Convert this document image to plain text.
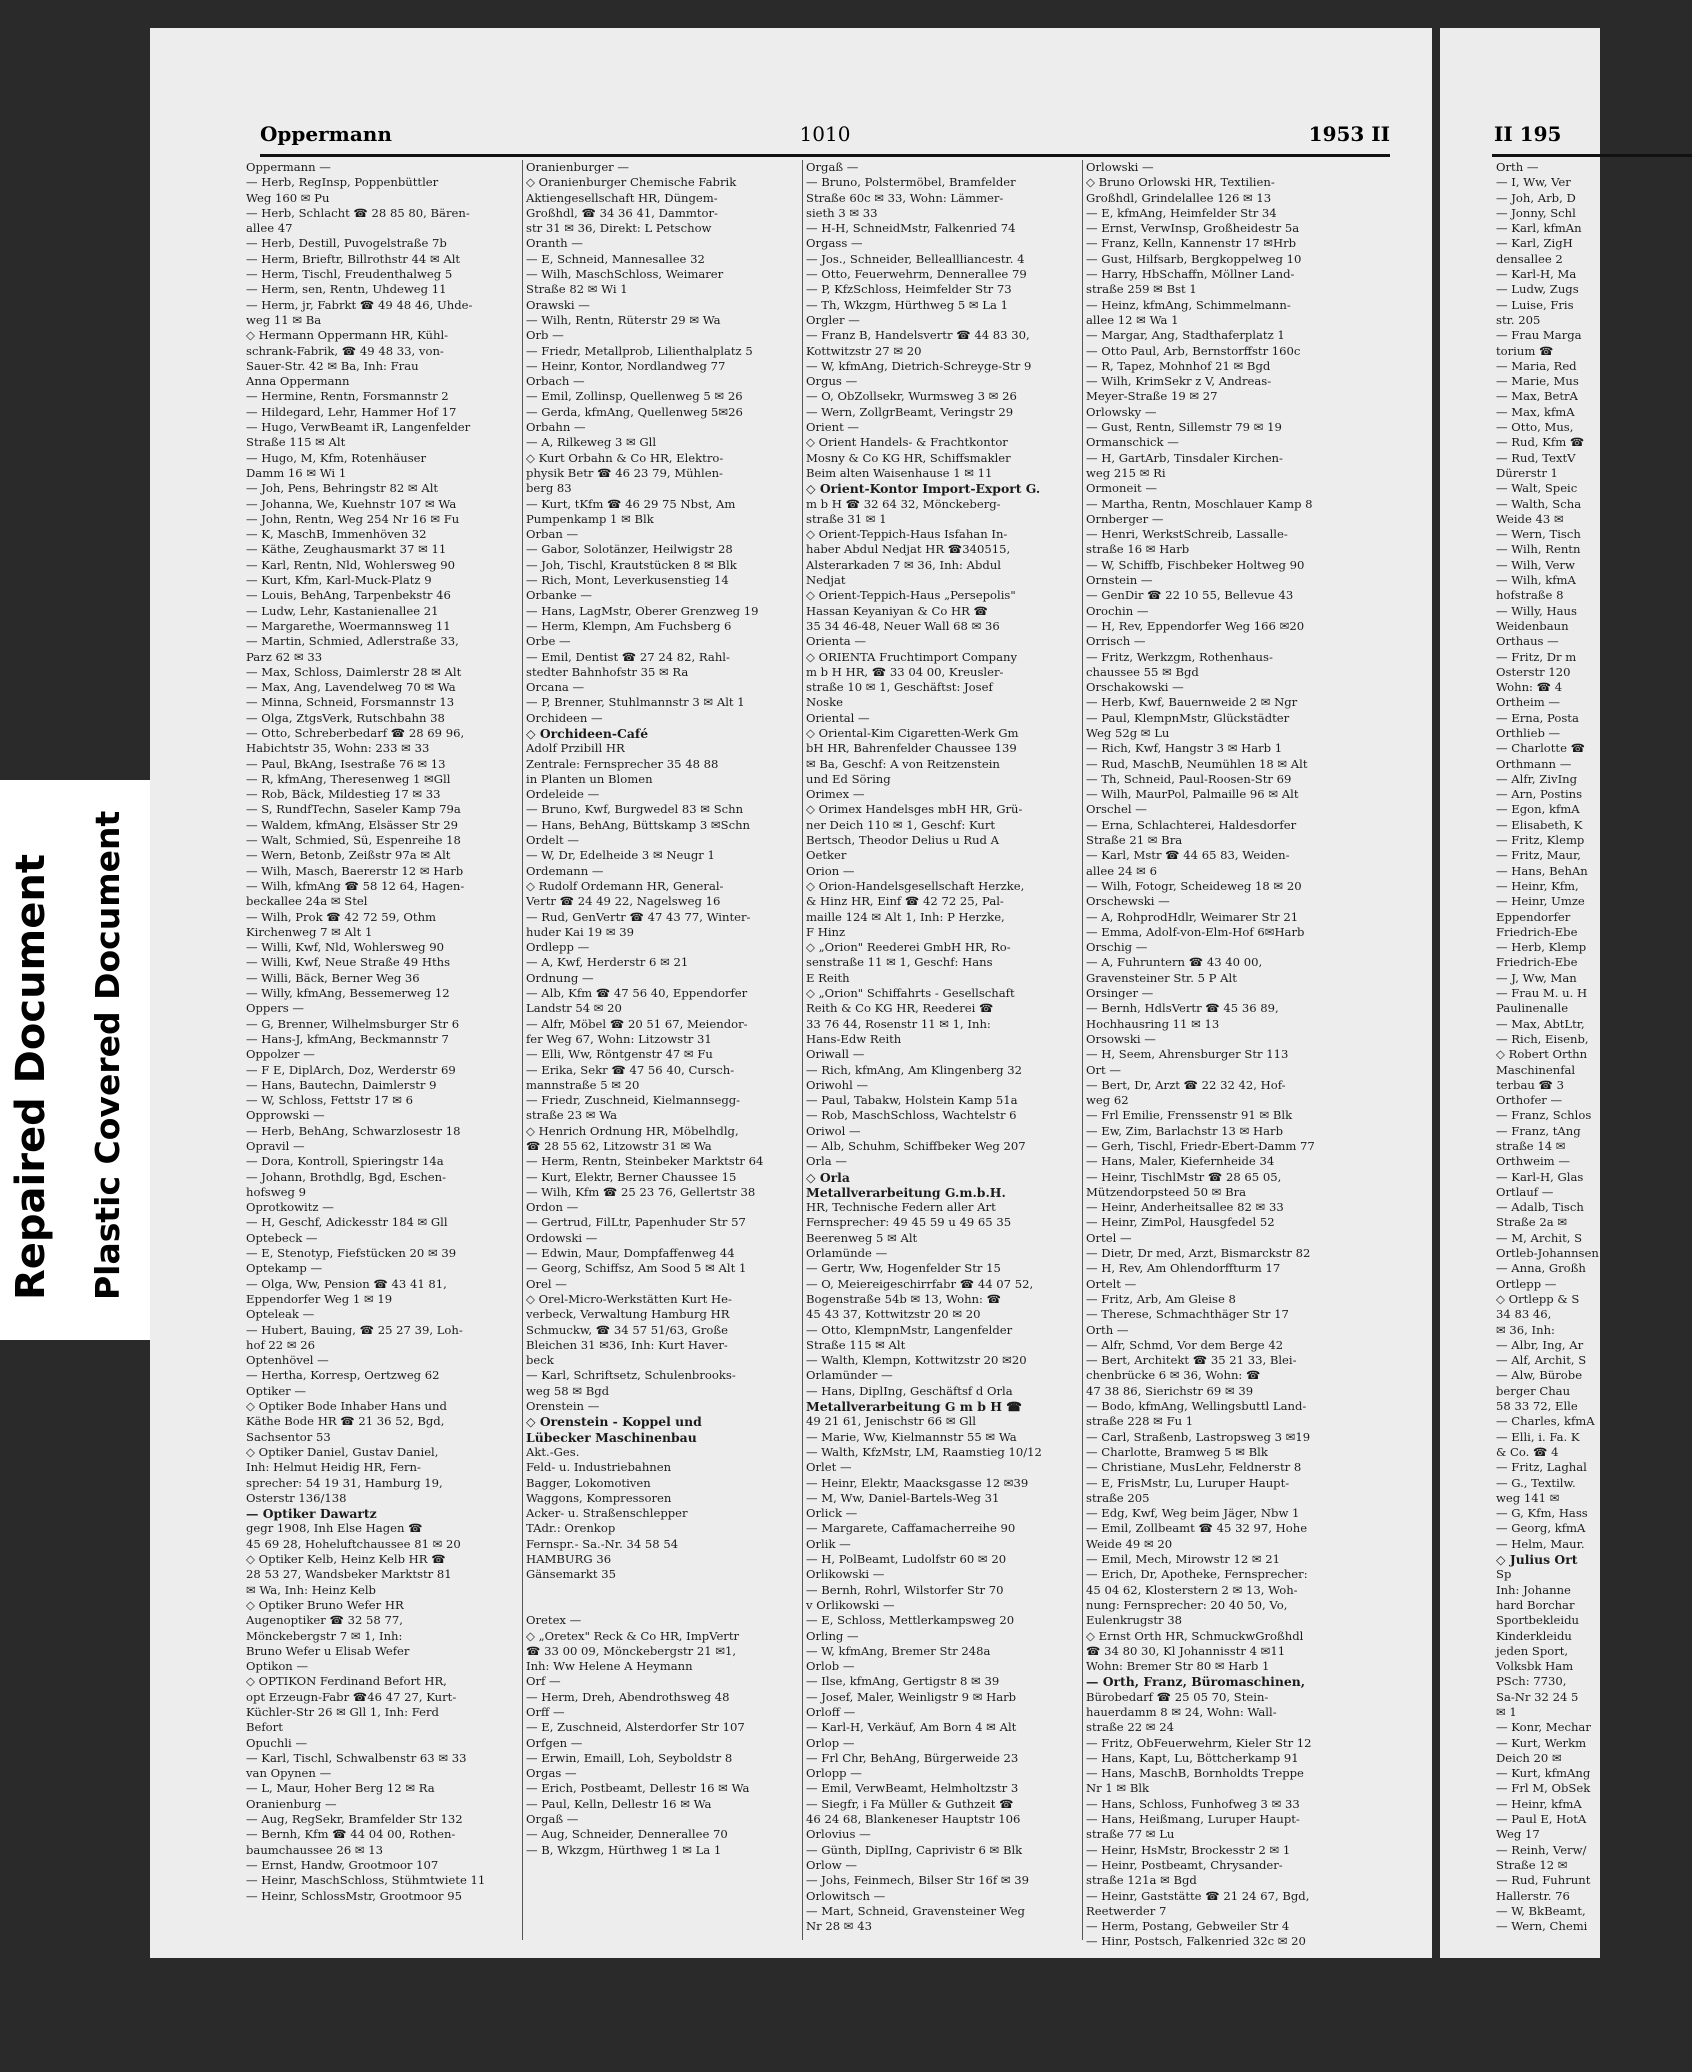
Repaired Document Plastic Covered Document
Oppermann	1010	1953 II
Oppermann —
— Herb, RegInsp, Poppenbüttler
Weg 160 ✉ Pu
— Herb, Schlacht ☎ 28 85 80, Bären-
allee 47
— Herb, Destill, Puvogelstraße 7b
— Herm, Brieftr, Billrothstr 44 ✉ Alt
— Herm, Tischl, Freudenthalweg 5
— Herm, sen, Rentn, Uhdeweg 11
— Herm, jr, Fabrkt ☎ 49 48 46, Uhde-
weg 11 ✉ Ba
◇ Hermann Oppermann HR, Kühl-
schrank-Fabrik, ☎ 49 48 33, von-
Sauer-Str. 42 ✉ Ba, Inh: Frau
Anna Oppermann
— Hermine, Rentn, Forsmannstr 2
— Hildegard, Lehr, Hammer Hof 17
— Hugo, VerwBeamt iR, Langenfelder
Straße 115 ✉ Alt
— Hugo, M, Kfm, Rotenhäuser
Damm 16 ✉ Wi 1
— Joh, Pens, Behringstr 82 ✉ Alt
— Johanna, We, Kuehnstr 107 ✉ Wa
— John, Rentn, Weg 254 Nr 16 ✉ Fu
— K, MaschB, Immenhöven 32
— Käthe, Zeughausmarkt 37 ✉ 11
— Karl, Rentn, Nld, Wohlersweg 90
— Kurt, Kfm, Karl-Muck-Platz 9
— Louis, BehAng, Tarpenbekstr 46
— Ludw, Lehr, Kastanienallee 21
— Margarethe, Woermannsweg 11
— Martin, Schmied, Adlerstraße 33,
Parz 62 ✉ 33
— Max, Schloss, Daimlerstr 28 ✉ Alt
— Max, Ang, Lavendelweg 70 ✉ Wa
— Minna, Schneid, Forsmannstr 13
— Olga, ZtgsVerk, Rutschbahn 38
— Otto, Schreberbedarf ☎ 28 69 96,
Habichtstr 35, Wohn: 233 ✉ 33
— Paul, BkAng, Isestraße 76 ✉ 13
— R, kfmAng, Theresenweg 1 ✉Gll
— Rob, Bäck, Mildestieg 17 ✉ 33
— S, RundfTechn, Saseler Kamp 79a
— Waldem, kfmAng, Elsässer Str 29
— Walt, Schmied, Sü, Espenreihe 18
— Wern, Betonb, Zeißstr 97a ✉ Alt
— Wilh, Masch, Baererstr 12 ✉ Harb
— Wilh, kfmAng ☎ 58 12 64, Hagen-
beckallee 24a ✉ Stel
— Wilh, Prok ☎ 42 72 59, Othm
Kirchenweg 7 ✉ Alt 1
— Willi, Kwf, Nld, Wohlersweg 90
— Willi, Kwf, Neue Straße 49 Hths
— Willi, Bäck, Berner Weg 36
— Willy, kfmAng, Bessemerweg 12
Oppers —
— G, Brenner, Wilhelmsburger Str 6
— Hans-J, kfmAng, Beckmannstr 7
Oppolzer —
— F E, DiplArch, Doz, Werderstr 69
— Hans, Bautechn, Daimlerstr 9
— W, Schloss, Fettstr 17 ✉ 6
Opprowski —
— Herb, BehAng, Schwarzlosestr 18
Opravil —
— Dora, Kontroll, Spieringstr 14a
— Johann, Brothdlg, Bgd, Eschen-
hofsweg 9
Oprotkowitz —
— H, Geschf, Adickesstr 184 ✉ Gll
Optebeck —
— E, Stenotyp, Fiefstücken 20 ✉ 39
Optekamp —
— Olga, Ww, Pension ☎ 43 41 81,
Eppendorfer Weg 1 ✉ 19
Opteleak —
— Hubert, Bauing, ☎ 25 27 39, Loh-
hof 22 ✉ 26
Optenhövel —
— Hertha, Korresp, Oertzweg 62
Optiker —
◇ Optiker Bode Inhaber Hans und
Käthe Bode HR ☎ 21 36 52, Bgd,
Sachsentor 53
◇ Optiker Daniel, Gustav Daniel,
Inh: Helmut Heidig HR, Fern-
sprecher: 54 19 31, Hamburg 19,
Osterstr 136/138
— Optiker Dawartz
gegr 1908, Inh Else Hagen ☎
45 69 28, Hoheluftchaussee 81 ✉ 20
◇ Optiker Kelb, Heinz Kelb HR ☎
28 53 27, Wandsbeker Marktstr 81
✉ Wa, Inh: Heinz Kelb
◇ Optiker Bruno Wefer HR
Augenoptiker ☎ 32 58 77,
Mönckebergstr 7 ✉ 1, Inh:
Bruno Wefer u Elisab Wefer
Optikon —
◇ OPTIKON Ferdinand Befort HR,
opt Erzeugn-Fabr ☎46 47 27, Kurt-
Küchler-Str 26 ✉ Gll 1, Inh: Ferd
Befort
Opuchli —
— Karl, Tischl, Schwalbenstr 63 ✉ 33
van Opynen —
— L, Maur, Hoher Berg 12 ✉ Ra
Oranienburg —
— Aug, RegSekr, Bramfelder Str 132
— Bernh, Kfm ☎ 44 04 00, Rothen-
baumchaussee 26 ✉ 13
— Ernst, Handw, Grootmoor 107
— Heinr, MaschSchloss, Stühmtwiete 11
— Heinr, SchlossMstr, Grootmoor 95
Oranienburger —
◇ Oranienburger Chemische Fabrik
Aktiengesellschaft HR, Düngem-
Großhdl, ☎ 34 36 41, Dammtor-
str 31 ✉ 36, Direkt: L Petschow
Oranth —
— E, Schneid, Mannesallee 32
— Wilh, MaschSchloss, Weimarer
Straße 82 ✉ Wi 1
Orawski —
— Wilh, Rentn, Rüterstr 29 ✉ Wa
Orb —
— Friedr, Metallprob, Lilienthalplatz 5
— Heinr, Kontor, Nordlandweg 77
Orbach —
— Emil, Zollinsp, Quellenweg 5 ✉ 26
— Gerda, kfmAng, Quellenweg 5✉26
Orbahn —
— A, Rilkeweg 3 ✉ Gll
◇ Kurt Orbahn & Co HR, Elektro-
physik Betr ☎ 46 23 79, Mühlen-
berg 83
— Kurt, tKfm ☎ 46 29 75 Nbst, Am
Pumpenkamp 1 ✉ Blk
Orban —
— Gabor, Solotänzer, Heilwigstr 28
— Joh, Tischl, Krautstücken 8 ✉ Blk
— Rich, Mont, Leverkusenstieg 14
Orbanke —
— Hans, LagMstr, Oberer Grenzweg 19
— Herm, Klempn, Am Fuchsberg 6
Orbe —
— Emil, Dentist ☎ 27 24 82, Rahl-
stedter Bahnhofstr 35 ✉ Ra
Orcana —
— P, Brenner, Stuhlmannstr 3 ✉ Alt 1
Orchideen —
◇ Orchideen-Café
Adolf Przibill HR
Zentrale: Fernsprecher 35 48 88
in Planten un Blomen
Ordeleide —
— Bruno, Kwf, Burgwedel 83 ✉ Schn
— Hans, BehAng, Büttskamp 3 ✉Schn
Ordelt —
— W, Dr, Edelheide 3 ✉ Neugr 1
Ordemann —
◇ Rudolf Ordemann HR, General-
Vertr ☎ 24 49 22, Nagelsweg 16
— Rud, GenVertr ☎ 47 43 77, Winter-
huder Kai 19 ✉ 39
Ordlepp —
— A, Kwf, Herderstr 6 ✉ 21
Ordnung —
— Alb, Kfm ☎ 47 56 40, Eppendorfer
Landstr 54 ✉ 20
— Alfr, Möbel ☎ 20 51 67, Meiendor-
fer Weg 67, Wohn: Litzowstr 31
— Elli, Ww, Röntgenstr 47 ✉ Fu
— Erika, Sekr ☎ 47 56 40, Cursch-
mannstraße 5 ✉ 20
— Friedr, Zuschneid, Kielmannsegg-
straße 23 ✉ Wa
◇ Henrich Ordnung HR, Möbelhdlg,
☎ 28 55 62, Litzowstr 31 ✉ Wa
— Herm, Rentn, Steinbeker Marktstr 64
— Kurt, Elektr, Berner Chaussee 15
— Wilh, Kfm ☎ 25 23 76, Gellertstr 38
Ordon —
— Gertrud, FilLtr, Papenhuder Str 57
Ordowski —
— Edwin, Maur, Dompfaffenweg 44
— Georg, Schiffsz, Am Sood 5 ✉ Alt 1
Orel —
◇ Orel-Micro-Werkstätten Kurt He-
verbeck, Verwaltung Hamburg HR
Schmuckw, ☎ 34 57 51/63, Große
Bleichen 31 ✉36, Inh: Kurt Haver-
beck
— Karl, Schriftsetz, Schulenbrooks-
weg 58 ✉ Bgd
Orenstein —
◇ Orenstein - Koppel und
Lübecker Maschinenbau
Akt.-Ges.
Feld- u. Industriebahnen
Bagger, Lokomotiven
Waggons, Kompressoren
Acker- u. Straßenschlepper
TAdr.: Orenkop
Fernspr.- Sa.-Nr. 34 58 54
HAMBURG 36
Gänsemarkt 35

Oretex —
◇ „Oretex" Reck & Co HR, ImpVertr
☎ 33 00 09, Mönckebergstr 21 ✉1,
Inh: Ww Helene A Heymann
Orf —
— Herm, Dreh, Abendrothsweg 48
Orff —
— E, Zuschneid, Alsterdorfer Str 107
Orfgen —
— Erwin, Emaill, Loh, Seyboldstr 8
Orgas —
— Erich, Postbeamt, Dellestr 16 ✉ Wa
— Paul, Kelln, Dellestr 16 ✉ Wa
Orgaß —
— Aug, Schneider, Dennerallee 70
— B, Wkzgm, Hürthweg 1 ✉ La 1
Orgaß —
— Bruno, Polstermöbel, Bramfelder
Straße 60c ✉ 33, Wohn: Lämmer-
sieth 3 ✉ 33
— H-H, SchneidMstr, Falkenried 74
Orgass —
— Jos., Schneider, Belleallliancestr. 4
— Otto, Feuerwehrm, Dennerallee 79
— P, KfzSchloss, Heimfelder Str 73
— Th, Wkzgm, Hürthweg 5 ✉ La 1
Orgler —
— Franz B, Handelsvertr ☎ 44 83 30,
Kottwitzstr 27 ✉ 20
— W, kfmAng, Dietrich-Schreyge-Str 9
Orgus —
— O, ObZollsekr, Wurmsweg 3 ✉ 26
— Wern, ZollgrBeamt, Veringstr 29
Orient —
◇ Orient Handels- & Frachtkontor
Mosny & Co KG HR, Schiffsmakler
Beim alten Waisenhause 1 ✉ 11
◇ Orient-Kontor Import-Export G.
m b H ☎ 32 64 32, Mönckeberg-
straße 31 ✉ 1
◇ Orient-Teppich-Haus Isfahan In-
haber Abdul Nedjat HR ☎340515,
Alsterarkaden 7 ✉ 36, Inh: Abdul
Nedjat
◇ Orient-Teppich-Haus „Persepolis"
Hassan Keyaniyan & Co HR ☎
35 34 46-48, Neuer Wall 68 ✉ 36
Orienta —
◇ ORIENTA Fruchtimport Company
m b H HR, ☎ 33 04 00, Kreusler-
straße 10 ✉ 1, Geschäftst: Josef
Noske
Oriental —
◇ Oriental-Kim Cigaretten-Werk Gm
bH HR, Bahrenfelder Chaussee 139
✉ Ba, Geschf: A von Reitzenstein
und Ed Söring
Orimex —
◇ Orimex Handelsges mbH HR, Grü-
ner Deich 110 ✉ 1, Geschf: Kurt
Bertsch, Theodor Delius u Rud A
Oetker
Orion —
◇ Orion-Handelsgesellschaft Herzke,
& Hinz HR, Einf ☎ 42 72 25, Pal-
maille 124 ✉ Alt 1, Inh: P Herzke,
F Hinz
◇ „Orion" Reederei GmbH HR, Ro-
senstraße 11 ✉ 1, Geschf: Hans
E Reith
◇ „Orion" Schiffahrts - Gesellschaft
Reith & Co KG HR, Reederei ☎
33 76 44, Rosenstr 11 ✉ 1, Inh:
Hans-Edw Reith
Oriwall —
— Rich, kfmAng, Am Klingenberg 32
Oriwohl —
— Paul, Tabakw, Holstein Kamp 51a
— Rob, MaschSchloss, Wachtelstr 6
Oriwol —
— Alb, Schuhm, Schiffbeker Weg 207
Orla —
◇ Orla
Metallverarbeitung G.m.b.H.
HR, Technische Federn aller Art
Fernsprecher: 49 45 59 u 49 65 35
Beerenweg 5 ✉ Alt
Orlamünde —
— Gertr, Ww, Hogenfelder Str 15
— O, Meiereigeschirrfabr ☎ 44 07 52,
Bogenstraße 54b ✉ 13, Wohn: ☎
45 43 37, Kottwitzstr 20 ✉ 20
— Otto, KlempnMstr, Langenfelder
Straße 115 ✉ Alt
— Walth, Klempn, Kottwitzstr 20 ✉20
Orlamünder —
— Hans, DiplIng, Geschäftsf d Orla
Metallverarbeitung G m b H ☎
49 21 61, Jenischstr 66 ✉ Gll
— Marie, Ww, Kielmannstr 55 ✉ Wa
— Walth, KfzMstr, LM, Raamstieg 10/12
Orlet —
— Heinr, Elektr, Maacksgasse 12 ✉39
— M, Ww, Daniel-Bartels-Weg 31
Orlick —
— Margarete, Caffamacherreihe 90
Orlik —
— H, PolBeamt, Ludolfstr 60 ✉ 20
Orlikowski —
— Bernh, Rohrl, Wilstorfer Str 70
v Orlikowski —
— E, Schloss, Mettlerkampsweg 20
Orling —
— W, kfmAng, Bremer Str 248a
Orlob —
— Ilse, kfmAng, Gertigstr 8 ✉ 39
— Josef, Maler, Weinligstr 9 ✉ Harb
Orloff —
— Karl-H, Verkäuf, Am Born 4 ✉ Alt
Orlop —
— Frl Chr, BehAng, Bürgerweide 23
Orlopp —
— Emil, VerwBeamt, Helmholtzstr 3
— Siegfr, i Fa Müller & Guthzeit ☎
46 24 68, Blankeneser Hauptstr 106
Orlovius —
— Günth, DiplIng, Caprivistr 6 ✉ Blk
Orlow —
— Johs, Feinmech, Bilser Str 16f ✉ 39
Orlowitsch —
— Mart, Schneid, Gravensteiner Weg
Nr 28 ✉ 43
Orlowski —
◇ Bruno Orlowski HR, Textilien-
Großhdl, Grindelallee 126 ✉ 13
— E, kfmAng, Heimfelder Str 34
— Ernst, VerwInsp, Großheidestr 5a
— Franz, Kelln, Kannenstr 17 ✉Hrb
— Gust, Hilfsarb, Bergkoppelweg 10
— Harry, HbSchaffn, Möllner Land-
straße 259 ✉ Bst 1
— Heinz, kfmAng, Schimmelmann-
allee 12 ✉ Wa 1
— Margar, Ang, Stadthaferplatz 1
— Otto Paul, Arb, Bernstorffstr 160c
— R, Tapez, Mohnhof 21 ✉ Bgd
— Wilh, KrimSekr z V, Andreas-
Meyer-Straße 19 ✉ 27
Orlowsky —
— Gust, Rentn, Sillemstr 79 ✉ 19
Ormanschick —
— H, GartArb, Tinsdaler Kirchen-
weg 215 ✉ Ri
Ormoneit —
— Martha, Rentn, Moschlauer Kamp 8
Ornberger —
— Henri, WerkstSchreib, Lassalle-
straße 16 ✉ Harb
— W, Schiffb, Fischbeker Holtweg 90
Ornstein —
— GenDir ☎ 22 10 55, Bellevue 43
Orochin —
— H, Rev, Eppendorfer Weg 166 ✉20
Orrisch —
— Fritz, Werkzgm, Rothenhaus-
chaussee 55 ✉ Bgd
Orschakowski —
— Herb, Kwf, Bauernweide 2 ✉ Ngr
— Paul, KlempnMstr, Glückstädter
Weg 52g ✉ Lu
— Rich, Kwf, Hangstr 3 ✉ Harb 1
— Rud, MaschB, Neumühlen 18 ✉ Alt
— Th, Schneid, Paul-Roosen-Str 69
— Wilh, MaurPol, Palmaille 96 ✉ Alt
Orschel —
— Erna, Schlachterei, Haldesdorfer
Straße 21 ✉ Bra
— Karl, Mstr ☎ 44 65 83, Weiden-
allee 24 ✉ 6
— Wilh, Fotogr, Scheideweg 18 ✉ 20
Orschewski —
— A, RohprodHdlr, Weimarer Str 21
— Emma, Adolf-von-Elm-Hof 6✉Harb
Orschig —
— A, Fuhruntern ☎ 43 40 00,
Gravensteiner Str. 5 P Alt
Orsinger —
— Bernh, HdlsVertr ☎ 45 36 89,
Hochhausring 11 ✉ 13
Orsowski —
— H, Seem, Ahrensburger Str 113
Ort —
— Bert, Dr, Arzt ☎ 22 32 42, Hof-
weg 62
— Frl Emilie, Frenssenstr 91 ✉ Blk
— Ew, Zim, Barlachstr 13 ✉ Harb
— Gerh, Tischl, Friedr-Ebert-Damm 77
— Hans, Maler, Kiefernheide 34
— Heinr, TischlMstr ☎ 28 65 05,
Mützendorpsteed 50 ✉ Bra
— Heinr, Anderheitsallee 82 ✉ 33
— Heinr, ZimPol, Hausgfedel 52
Ortel —
— Dietr, Dr med, Arzt, Bismarckstr 82
— H, Rev, Am Ohlendorffturm 17
Ortelt —
— Fritz, Arb, Am Gleise 8
— Therese, Schmachthäger Str 17
Orth —
— Alfr, Schmd, Vor dem Berge 42
— Bert, Architekt ☎ 35 21 33, Blei-
chenbrücke 6 ✉ 36, Wohn: ☎
47 38 86, Sierichstr 69 ✉ 39
— Bodo, kfmAng, Wellingsbuttl Land-
straße 228 ✉ Fu 1
— Carl, Straßenb, Lastropsweg 3 ✉19
— Charlotte, Bramweg 5 ✉ Blk
— Christiane, MusLehr, Feldnerstr 8
— E, FrisMstr, Lu, Luruper Haupt-
straße 205
— Edg, Kwf, Weg beim Jäger, Nbw 1
— Emil, Zollbeamt ☎ 45 32 97, Hohe
Weide 49 ✉ 20
— Emil, Mech, Mirowstr 12 ✉ 21
— Erich, Dr, Apotheke, Fernsprecher:
45 04 62, Klosterstern 2 ✉ 13, Woh-
nung: Fernsprecher: 20 40 50, Vo,
Eulenkrugstr 38
◇ Ernst Orth HR, SchmuckwGroßhdl
☎ 34 80 30, Kl Johannisstr 4 ✉11
Wohn: Bremer Str 80 ✉ Harb 1
— Orth, Franz, Büromaschinen,
Bürobedarf ☎ 25 05 70, Stein-
hauerdamm 8 ✉ 24, Wohn: Wall-
straße 22 ✉ 24
— Fritz, ObFeuerwehrm, Kieler Str 12
— Hans, Kapt, Lu, Böttcherkamp 91
— Hans, MaschB, Bornholdts Treppe
Nr 1 ✉ Blk
— Hans, Schloss, Funhofweg 3 ✉ 33
— Hans, Heißmang, Luruper Haupt-
straße 77 ✉ Lu
— Heinr, HsMstr, Brockesstr 2 ✉ 1
— Heinr, Postbeamt, Chrysander-
straße 121a ✉ Bgd
— Heinr, Gaststätte ☎ 21 24 67, Bgd,
Reetwerder 7
— Herm, Postang, Gebweiler Str 4
— Hinr, Postsch, Falkenried 32c ✉ 20
II 195
Orth —
— I, Ww, Ver
— Joh, Arb, D
— Jonny, Schl
— Karl, kfmAn
— Karl, ZigH
densallee 2
— Karl-H, Ma
— Ludw, Zugs
— Luise, Fris
str. 205
— Frau Marga
torium ☎
— Maria, Red
— Marie, Mus
— Max, BetrA
— Max, kfmA
— Otto, Mus,
— Rud, Kfm ☎
— Rud, TextV
Dürerstr 1
— Walt, Speic
— Walth, Scha
Weide 43 ✉
— Wern, Tisch
— Wilh, Rentn
— Wilh, Verw
— Wilh, kfmA
hofstraße 8
— Willy, Haus
Weidenbaun
Orthaus —
— Fritz, Dr m
Osterstr 120
Wohn: ☎ 4
Ortheim —
— Erna, Posta
Orthlieb —
— Charlotte ☎
Orthmann —
— Alfr, ZivIng
— Arn, Postins
— Egon, kfmA
— Elisabeth, K
— Fritz, Klemp
— Fritz, Maur,
— Hans, BehAn
— Heinr, Kfm,
— Heinr, Umze
Eppendorfer
Friedrich-Ebe
— Herb, Klemp
Friedrich-Ebe
— J, Ww, Man
— Frau M. u. H
Paulinenalle
— Max, AbtLtr,
— Rich, Eisenb,
◇ Robert Orthn
Maschinenfal
terbau ☎ 3
Orthofer —
— Franz, Schlos
— Franz, tAng
straße 14 ✉
Orthweim —
— Karl-H, Glas
Ortlauf —
— Adalb, Tisch
Straße 2a ✉
— M, Archit, S
Ortleb-Johannsen
— Anna, Großh
Ortlepp —
◇ Ortlepp & S
34 83 46,
✉ 36, Inh:
— Albr, Ing, Ar
— Alf, Archit, S
— Alw, Bürobe
berger Chau
58 33 72, Elle
— Charles, kfmA
— Elli, i. Fa. K
& Co. ☎ 4
— Fritz, Laghal
— G., Textilw.
weg 141 ✉
— G, Kfm, Hass
— Georg, kfmA
— Helm, Maur.
◇ Julius Ort
Sp
Inh: Johanne
hard Borchar
Sportbekleidu
Kinderkleidu
jeden Sport,
Volksbk Ham
PSch: 7730,
Sa-Nr 32 24 5
✉ 1
— Konr, Mechar
— Kurt, Werkm
Deich 20 ✉
— Kurt, kfmAng
— Frl M, ObSek
— Heinr, kfmA
— Paul E, HotA
Weg 17
— Reinh, Verw/
Straße 12 ✉
— Rud, Fuhrunt
Hallerstr. 76
— W, BkBeamt,
— Wern, Chemi
